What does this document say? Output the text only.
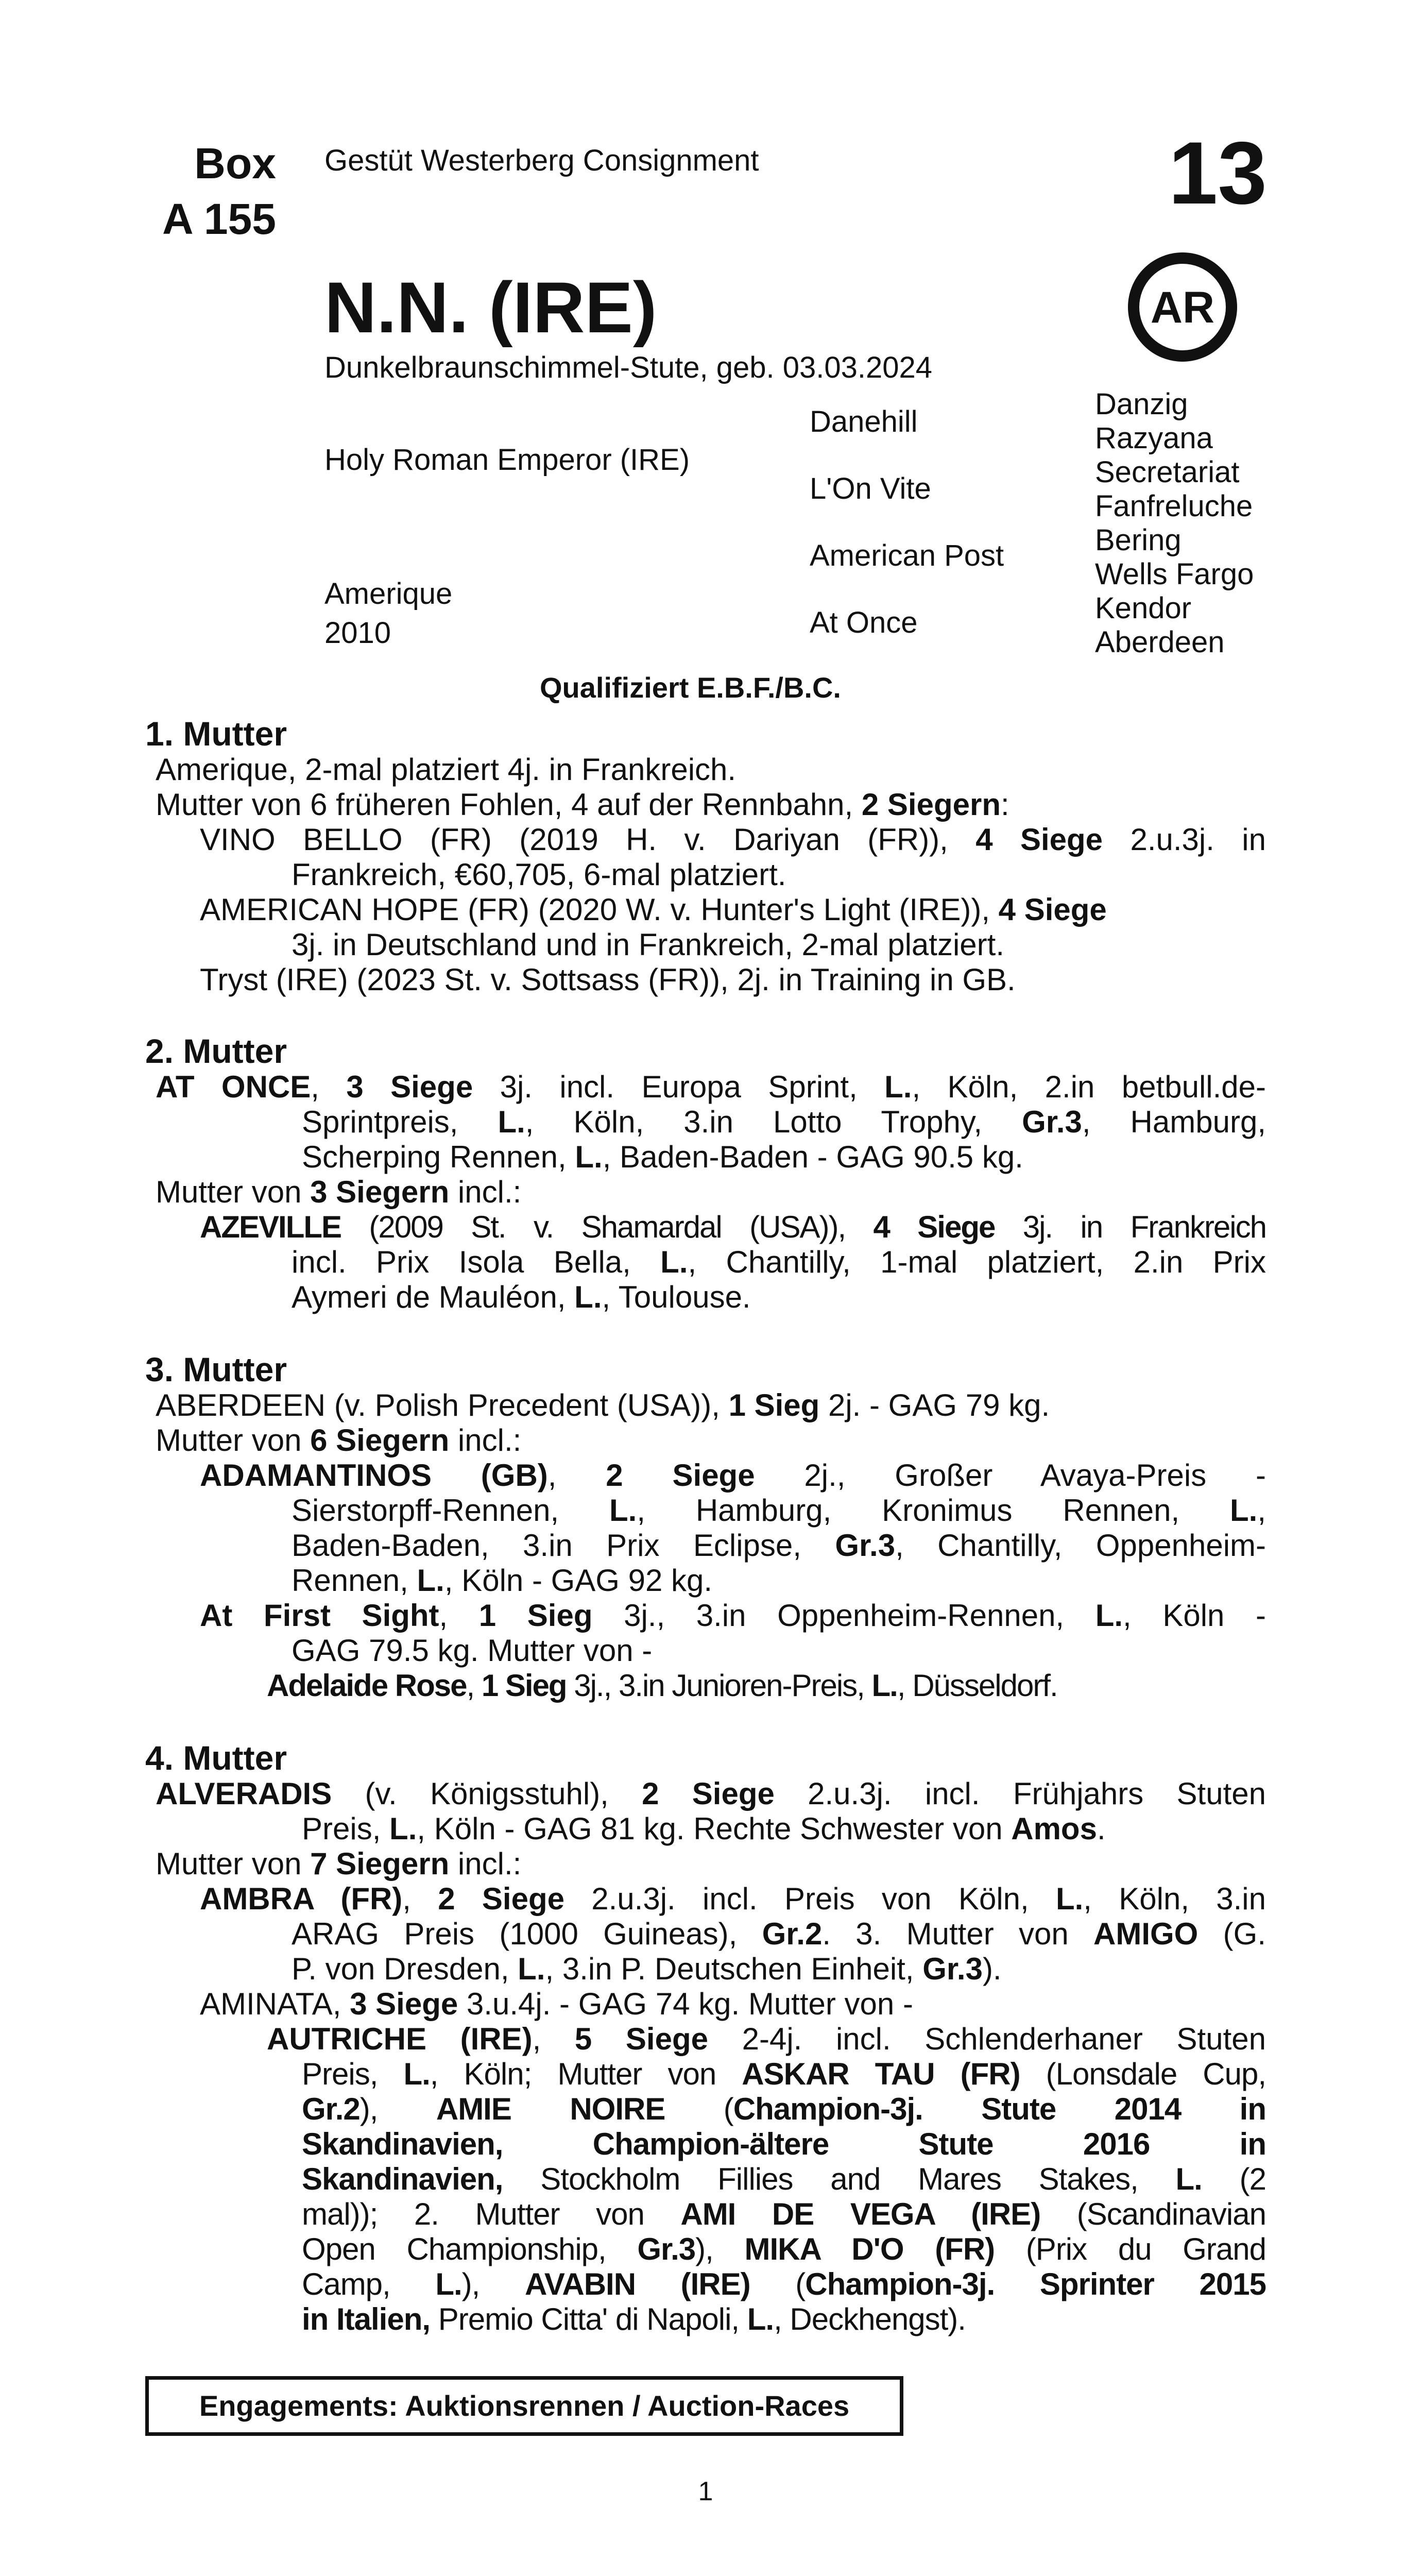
Box
A 155
Gestüt Westerberg Consignment	13
AR
N.N. (IRE)
Dunkelbraunschimmel-Stute, geb. 03.03.2024
Holy Roman Emperor (IRE)
Amerique
2010
Danehill
L'On Vite
American Post
At Once
Danzig
Razyana
Secretariat
Fanfreluche
Bering
Wells Fargo
Kendor
Aberdeen
Qualifiziert E.B.F./B.C.
1. Mutter
Amerique, 2-mal platziert 4j. in Frankreich.
Mutter von 6 früheren Fohlen, 4 auf der Rennbahn, 2 Siegern:
VINO BELLO (FR) (2019 H. v. Dariyan (FR)), 4 Siege 2.u.3j. in
Frankreich, €60,705, 6-mal platziert.
AMERICAN HOPE (FR) (2020 W. v. Hunter's Light (IRE)), 4 Siege
3j. in Deutschland und in Frankreich, 2-mal platziert.
Tryst (IRE) (2023 St. v. Sottsass (FR)), 2j. in Training in GB.
2. Mutter
AT ONCE, 3 Siege 3j. incl. Europa Sprint, L., Köln, 2.in betbull.de-
Sprintpreis, L., Köln, 3.in Lotto Trophy, Gr.3, Hamburg,
Scherping Rennen, L., Baden-Baden - GAG 90.5 kg.
Mutter von 3 Siegern incl.:
AZEVILLE (2009 St. v. Shamardal (USA)), 4 Siege 3j. in Frankreich
incl. Prix Isola Bella, L., Chantilly, 1-mal platziert, 2.in Prix
Aymeri de Mauléon, L., Toulouse.
3. Mutter
ABERDEEN (v. Polish Precedent (USA)), 1 Sieg 2j. - GAG 79 kg.
Mutter von 6 Siegern incl.:
ADAMANTINOS (GB), 2 Siege 2j., Großer Avaya-Preis -
Sierstorpff-Rennen, L., Hamburg, Kronimus Rennen, L.,
Baden-Baden, 3.in Prix Eclipse, Gr.3, Chantilly, Oppenheim-
Rennen, L., Köln - GAG 92 kg.
At First Sight, 1 Sieg 3j., 3.in Oppenheim-Rennen, L., Köln -
GAG 79.5 kg. Mutter von -
Adelaide Rose, 1 Sieg 3j., 3.in Junioren-Preis, L., Düsseldorf.
4. Mutter
ALVERADIS (v. Königsstuhl), 2 Siege 2.u.3j. incl. Frühjahrs Stuten
Preis, L., Köln - GAG 81 kg. Rechte Schwester von Amos.
Mutter von 7 Siegern incl.:
AMBRA (FR), 2 Siege 2.u.3j. incl. Preis von Köln, L., Köln, 3.in
ARAG Preis (1000 Guineas), Gr.2. 3. Mutter von AMIGO (G.
P. von Dresden, L., 3.in P. Deutschen Einheit, Gr.3).
AMINATA, 3 Siege 3.u.4j. - GAG 74 kg. Mutter von -
AUTRICHE (IRE), 5 Siege 2-4j. incl. Schlenderhaner Stuten
Preis, L., Köln; Mutter von ASKAR TAU (FR) (Lonsdale Cup,
Gr.2), AMIE NOIRE (Champion-3j. Stute 2014 in
Skandinavien, Champion-ältere Stute 2016 in
Skandinavien, Stockholm Fillies and Mares Stakes, L. (2
mal)); 2. Mutter von AMI DE VEGA (IRE) (Scandinavian
Open Championship, Gr.3), MIKA D'O (FR) (Prix du Grand
Camp, L.), AVABIN (IRE) (Champion-3j. Sprinter 2015
in Italien, Premio Citta' di Napoli, L., Deckhengst).
Engagements: Auktionsrennen / Auction-Races
1
